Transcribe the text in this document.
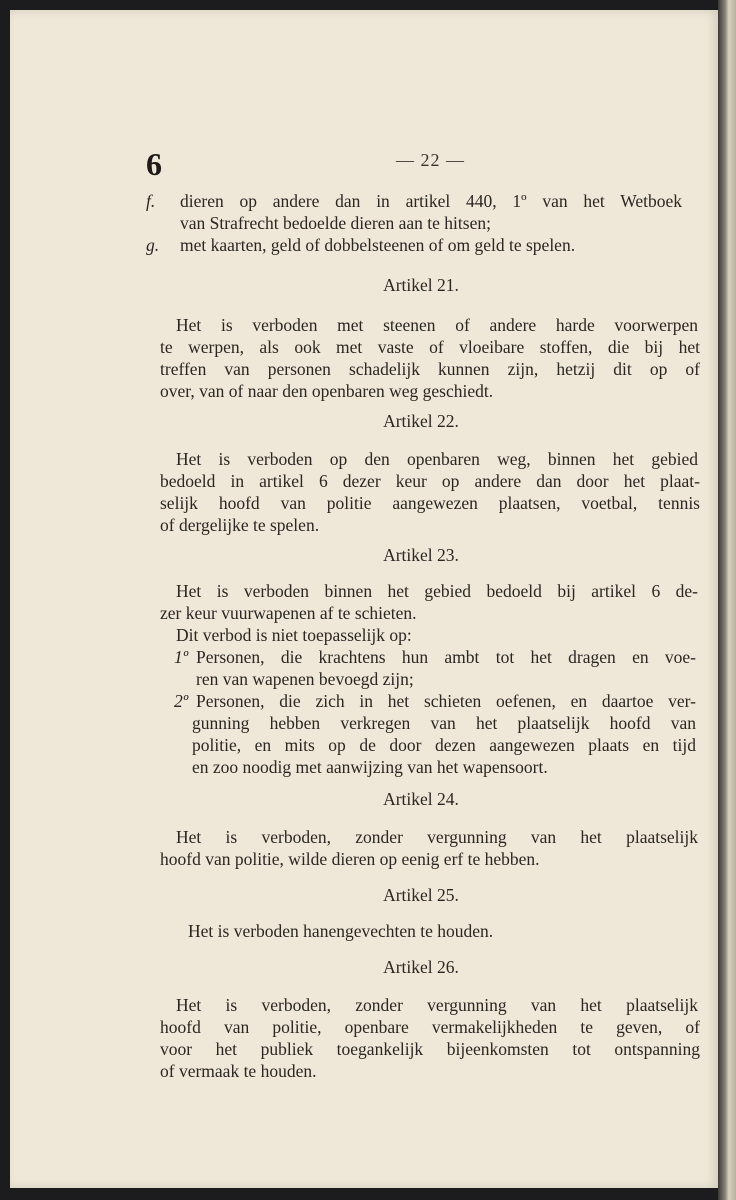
6	— 22 —
f. dieren op andere dan in artikel 440, 1º van het Wetboek
van Strafrecht bedoelde dieren aan te hitsen;
g. met kaarten, geld of dobbelsteenen of om geld te spelen.
Artikel 21.
Het is verboden met steenen of andere harde voorwerpen
te werpen, als ook met vaste of vloeibare stoffen, die bij het
treffen van personen schadelijk kunnen zijn, hetzij dit op of
over, van of naar den openbaren weg geschiedt.
Artikel 22.
Het is verboden op den openbaren weg, binnen het gebied
bedoeld in artikel 6 dezer keur op andere dan door het plaat-
selijk hoofd van politie aangewezen plaatsen, voetbal, tennis
of dergelijke te spelen.
Artikel 23.
Het is verboden binnen het gebied bedoeld bij artikel 6 de-
zer keur vuurwapenen af te schieten.
Dit verbod is niet toepasselijk op:
1º Personen, die krachtens hun ambt tot het dragen en voe-
ren van wapenen bevoegd zijn;
2º Personen, die zich in het schieten oefenen, en daartoe ver-
gunning hebben verkregen van het plaatselijk hoofd van
politie, en mits op de door dezen aangewezen plaats en tijd
en zoo noodig met aanwijzing van het wapensoort.
Artikel 24.
Het is verboden, zonder vergunning van het plaatselijk
hoofd van politie, wilde dieren op eenig erf te hebben.
Artikel 25.
Het is verboden hanengevechten te houden.
Artikel 26.
Het is verboden, zonder vergunning van het plaatselijk
hoofd van politie, openbare vermakelijkheden te geven, of
voor het publiek toegankelijk bijeenkomsten tot ontspanning
of vermaak te houden.
